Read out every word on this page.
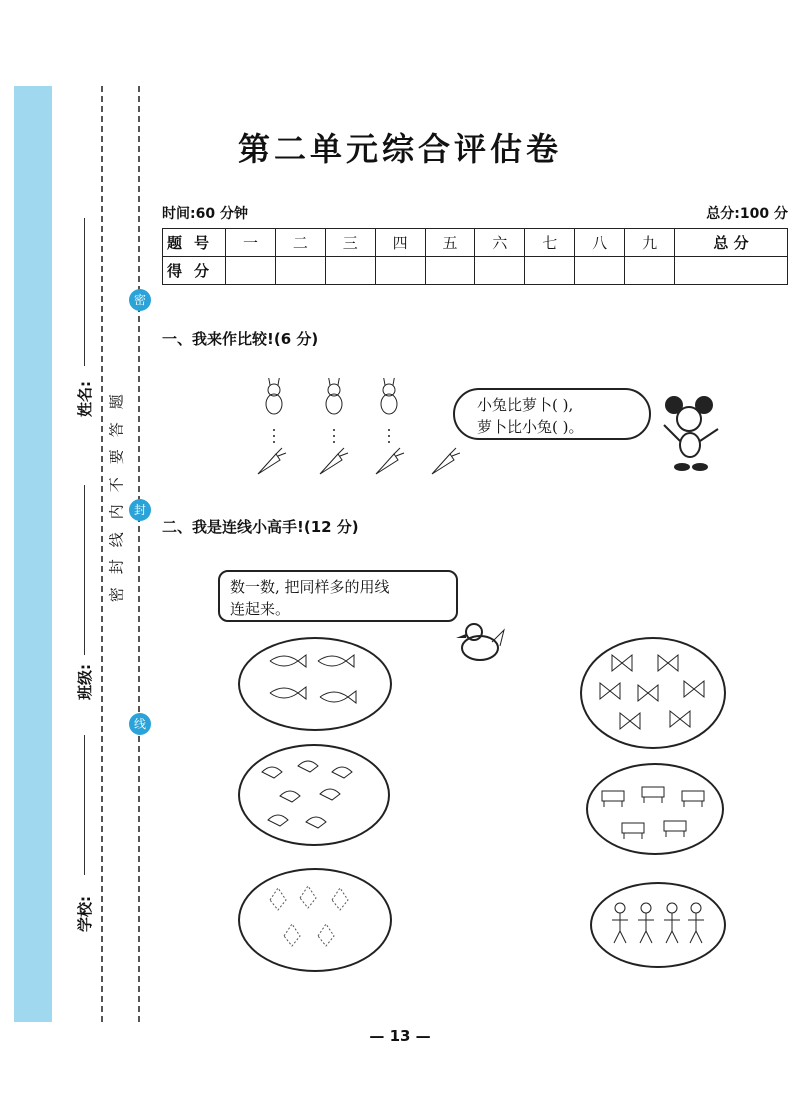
学校:
班级:
姓名:
密
封
线
题
答
要
不
内
线
封
密
第二单元综合评估卷
时间:60 分钟	总分:100 分
题号	一	二	三	四	五	六	七	八	九	总 分
得分										
一、我来作比较!(6 分)
小兔比萝卜( ),
萝卜比小兔( )。
二、我是连线小高手!(12 分)
数一数, 把同样多的用线
连起来。
— 13 —
